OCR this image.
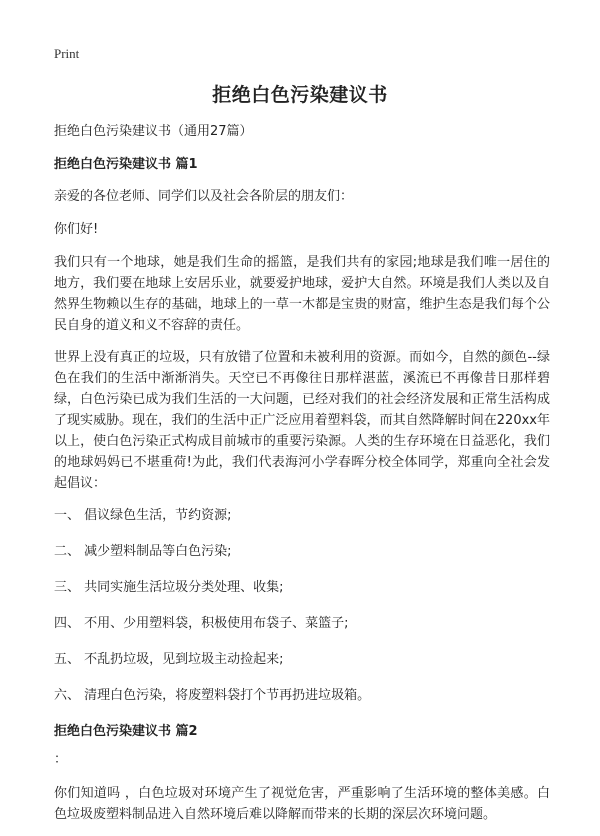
Print
拒绝白色污染建议书

拒绝白色污染建议书（通用27篇）

拒绝白色污染建议书 篇1

亲爱的各位老师、同学们以及社会各阶层的朋友们：

你们好!

我们只有一个地球，她是我们生命的摇篮，是我们共有的家园;地球是我们唯一居住的地方，我们要在地球上安居乐业，就要爱护地球，爱护大自然。环境是我们人类以及自然界生物赖以生存的基础，地球上的一草一木都是宝贵的财富，维护生态是我们每个公民自身的道义和义不容辞的责任。

世界上没有真正的垃圾，只有放错了位置和未被利用的资源。而如今，自然的颜色--绿色在我们的生活中渐渐消失。天空已不再像往日那样湛蓝，溪流已不再像昔日那样碧绿，白色污染已成为我们生活的一大问题，已经对我们的社会经济发展和正常生活构成了现实威胁。现在，我们的生活中正广泛应用着塑料袋，而其自然降解时间在220xx年以上，使白色污染正式构成目前城市的重要污染源。人类的生存环境在日益恶化，我们的地球妈妈已不堪重荷!为此，我们代表海河小学春晖分校全体同学，郑重向全社会发起倡议：

一、 倡议绿色生活，节约资源;

二、 减少塑料制品等白色污染;

三、 共同实施生活垃圾分类处理、收集;

四、 不用、少用塑料袋，积极使用布袋子、菜篮子;

五、 不乱扔垃圾，见到垃圾主动捡起来;

六、 清理白色污染，将废塑料袋打个节再扔进垃圾箱。

拒绝白色污染建议书 篇2

：

你们知道吗 ，白色垃圾对环境产生了视觉危害，严重影响了生活环境的整体美感。白色垃圾废塑料制品进入自然环境后难以降解而带来的长期的深层次环境问题。
